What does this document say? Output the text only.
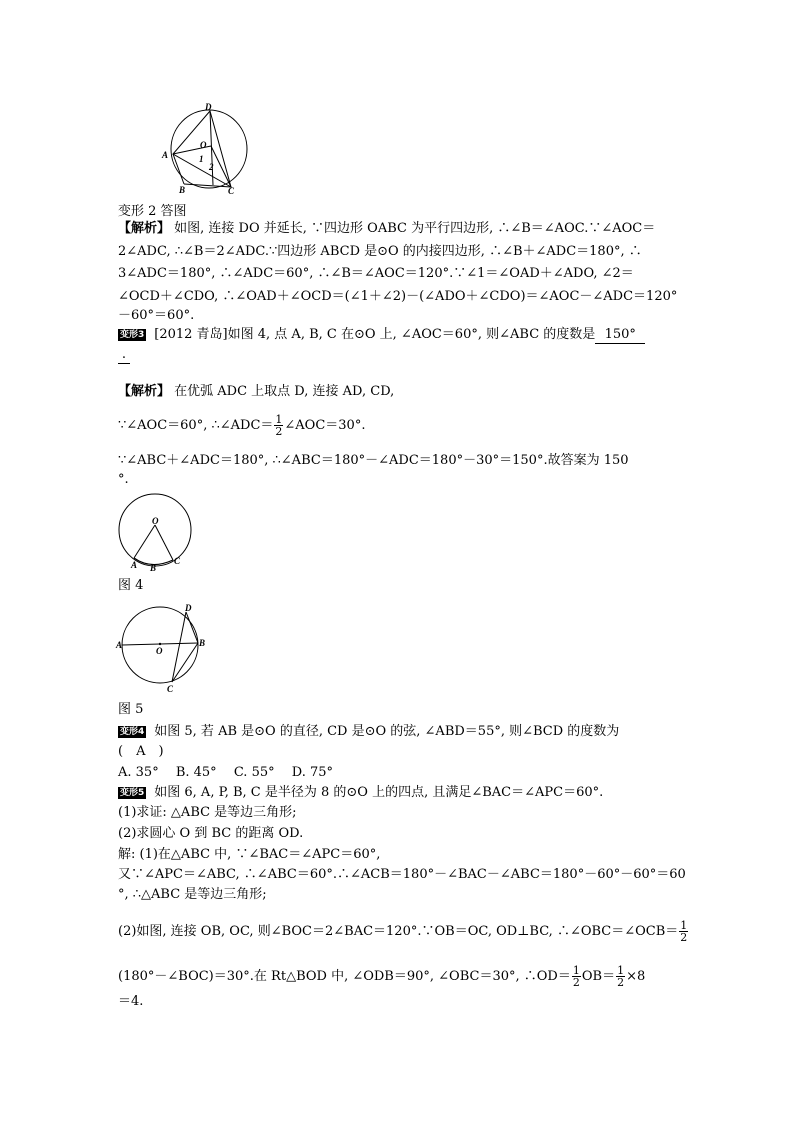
D
O
A	1
2
B	C
变形 2 答图
【解析】 如图, 连接 DO 并延长, ∵四边形 OABC 为平行四边形, ∴∠B＝∠AOC.∵∠AOC＝
2∠ADC, ∴∠B＝2∠ADC.∵四边形 ABCD 是⊙O 的内接四边形, ∴∠B＋∠ADC＝180°, ∴
3∠ADC＝180°, ∴∠ADC＝60°, ∴∠B＝∠AOC＝120°.∵∠1＝∠OAD＋∠ADO, ∠2＝
∠OCD＋∠CDO, ∴∠OAD＋∠OCD＝(∠1＋∠2)－(∠ADO＋∠CDO)＝∠AOC－∠ADC＝120°
－60°＝60°.
变形3 [2012 青岛]如图 4, 点 A, B, C 在⊙O 上, ∠AOC＝60°, 则∠ABC 的度数是 150°
.
【解析】 在优弧 ADC 上取点 D, 连接 AD, CD,
∵∠AOC＝60°, ∴∠ADC＝ $\frac{1}{2}$ ∠AOC＝30°.
∵∠ABC＋∠ADC＝180°, ∴∠ABC＝180°－∠ADC＝180°－30°＝150°.故答案为 150
°.
O
A B
C
图 4
D
A
O
B
C
图 5
变形4 如图 5, 若 AB 是⊙O 的直径, CD 是⊙O 的弦, ∠ABD＝55°, 则∠BCD 的度数为
(　A　)
A. 35°　 B. 45°　 C. 55°　 D. 75°
变形5 如图 6, A, P, B, C 是半径为 8 的⊙O 上的四点, 且满足∠BAC＝∠APC＝60°.
(1)求证: △ABC 是等边三角形;
(2)求圆心 O 到 BC 的距离 OD.
解: (1)在△ABC 中, ∵∠BAC＝∠APC＝60°,
又∵∠APC＝∠ABC, ∴∠ABC＝60°.∴∠ACB＝180°－∠BAC－∠ABC＝180°－60°－60°＝60
°, ∴△ABC 是等边三角形;
(2)如图, 连接 OB, OC, 则∠BOC＝2∠BAC＝120°.∵OB＝OC, OD⊥BC, ∴∠OBC＝∠OCB＝ $\frac{1}{2}$
(180°－∠BOC)＝30°.在 Rt△BOD 中, ∠ODB＝90°, ∠OBC＝30°, ∴OD＝ $\frac{1}{2} OB= \frac{1}{2} \times 8$
＝4.
